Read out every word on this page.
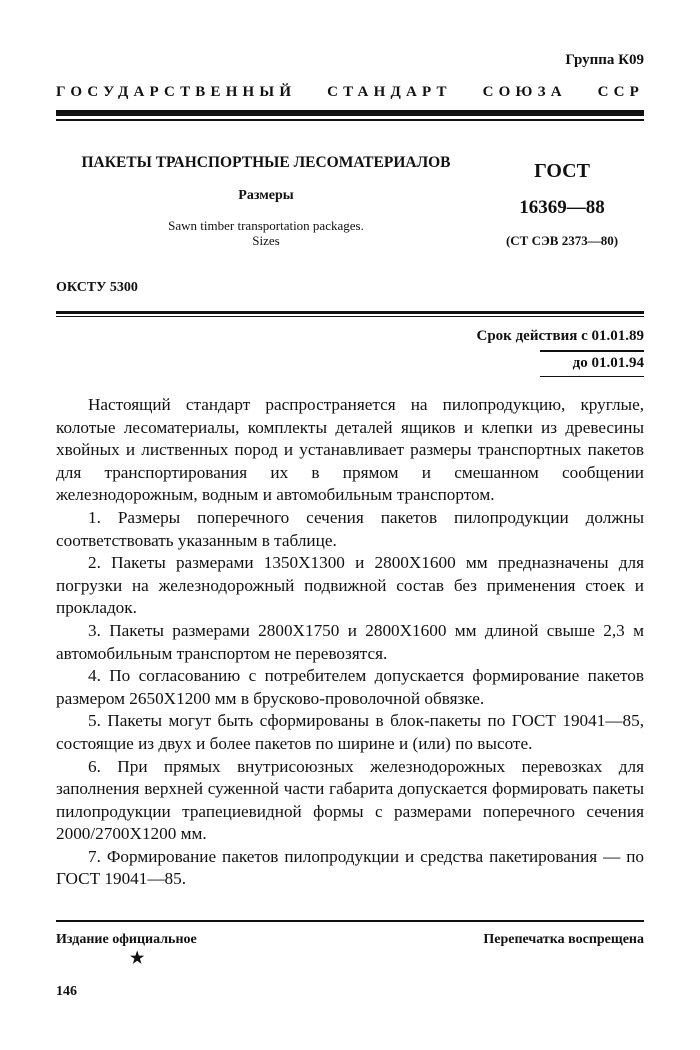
Группа К09
ГОСУДАРСТВЕННЫЙ СТАНДАРТ СОЮЗА ССР
ПАКЕТЫ ТРАНСПОРТНЫЕ ЛЕСОМАТЕРИАЛОВ
Размеры
Sawn timber transportation packages.
Sizes
ГОСТ
16369—88
(СТ СЭВ 2373—80)
ОКСТУ 5300
Срок действия с 01.01.89
до 01.01.94

Настоящий стандарт распространяется на пилопродукцию, круглые, колотые лесоматериалы, комплекты деталей ящиков и клепки из древесины хвойных и лиственных пород и устанавливает размеры транспортных пакетов для транспортирования их в прямом и смешанном сообщении железнодорожным, водным и автомобильным транспортом.

1. Размеры поперечного сечения пакетов пилопродукции должны соответствовать указанным в таблице.

2. Пакеты размерами 1350Х1300 и 2800Х1600 мм предназначены для погрузки на железнодорожный подвижной состав без применения стоек и прокладок.

3. Пакеты размерами 2800Х1750 и 2800Х1600 мм длиной свыше 2,3 м автомобильным транспортом не перевозятся.

4. По согласованию с потребителем допускается формирование пакетов размером 2650Х1200 мм в брусково-проволочной обвязке.

5. Пакеты могут быть сформированы в блок-пакеты по ГОСТ 19041—85, состоящие из двух и более пакетов по ширине и (или) по высоте.

6. При прямых внутрисоюзных железнодорожных перевозках для заполнения верхней суженной части габарита допускается формировать пакеты пилопродукции трапециевидной формы с размерами поперечного сечения 2000/2700Х1200 мм.

7. Формирование пакетов пилопродукции и средства пакетирования — по ГОСТ 19041—85.

Издание официальное
★
Перепечатка воспрещена
146
